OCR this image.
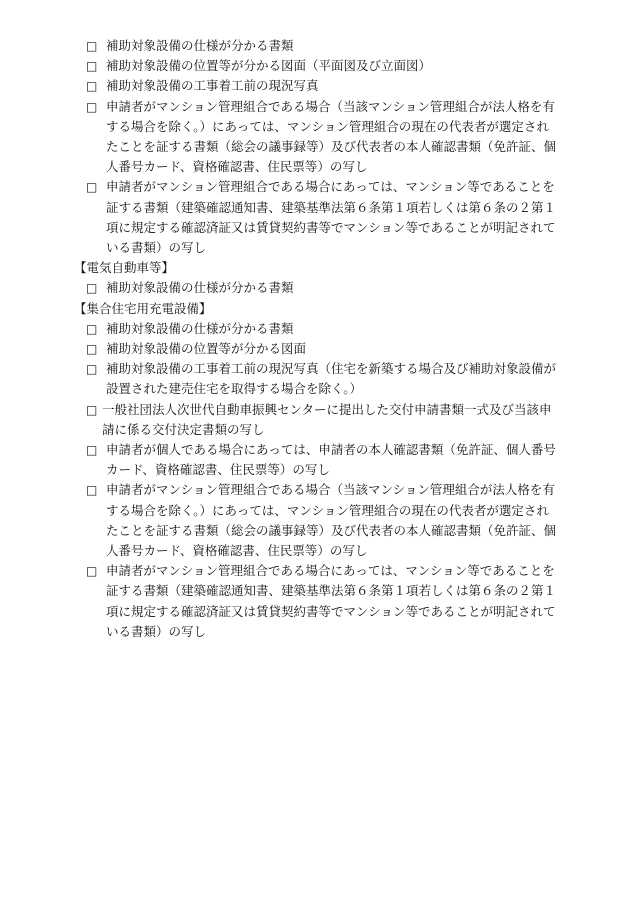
□ 補助対象設備の仕様が分かる書類

□ 補助対象設備の位置等が分かる図面（平面図及び立面図）

□ 補助対象設備の工事着工前の現況写真

□ 申請者がマンション管理組合である場合（当該マンション管理組合が法人格を有する場合を除く。）にあっては、マンション管理組合の現在の代表者が選定されたことを証する書類（総会の議事録等）及び代表者の本人確認書類（免許証、個人番号カード、資格確認書、住民票等）の写し

□ 申請者がマンション管理組合である場合にあっては、マンション等であることを証する書類（建築確認通知書、建築基準法第６条第１項若しくは第６条の２第１項に規定する確認済証又は賃貸契約書等でマンション等であることが明記されている書類）の写し

【電気自動車等】
□ 補助対象設備の仕様が分かる書類

【集合住宅用充電設備】
□ 補助対象設備の仕様が分かる書類

□ 補助対象設備の位置等が分かる図面

□ 補助対象設備の工事着工前の現況写真（住宅を新築する場合及び補助対象設備が設置された建売住宅を取得する場合を除く。）

□ 一般社団法人次世代自動車振興センターに提出した交付申請書類一式及び当該申請に係る交付決定書類の写し

□ 申請者が個人である場合にあっては、申請者の本人確認書類（免許証、個人番号カード、資格確認書、住民票等）の写し

□ 申請者がマンション管理組合である場合（当該マンション管理組合が法人格を有する場合を除く。）にあっては、マンション管理組合の現在の代表者が選定されたことを証する書類（総会の議事録等）及び代表者の本人確認書類（免許証、個人番号カード、資格確認書、住民票等）の写し

□ 申請者がマンション管理組合である場合にあっては、マンション等であることを証する書類（建築確認通知書、建築基準法第６条第１項若しくは第６条の２第１項に規定する確認済証又は賃貸契約書等でマンション等であることが明記されている書類）の写し
